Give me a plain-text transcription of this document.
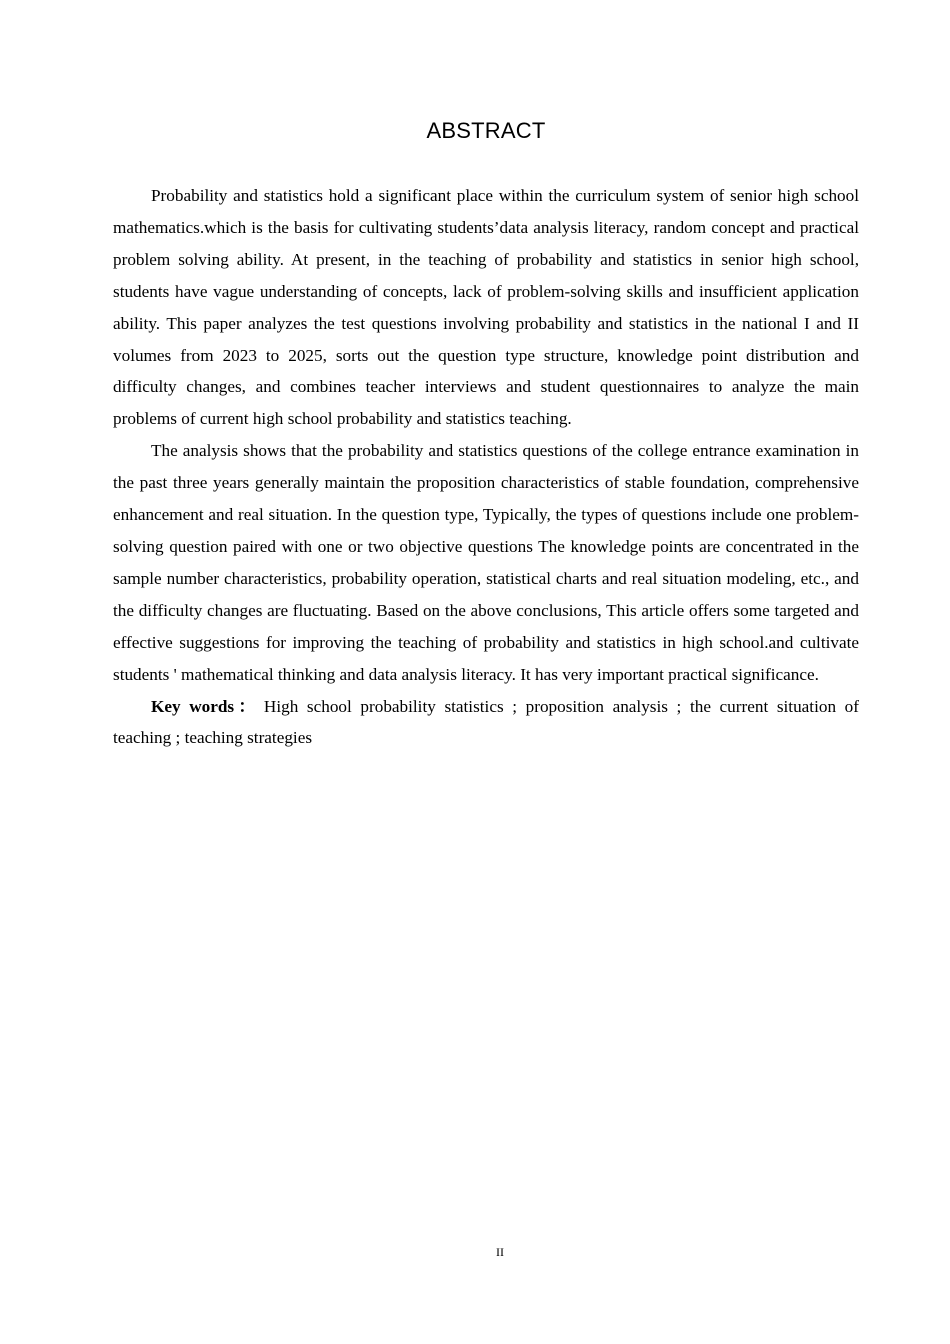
ABSTRACT

Probability and statistics hold a significant place within the curriculum system of senior high school mathematics.which is the basis for cultivating students’data analysis literacy, random concept and practical problem solving ability. At present, in the teaching of probability and statistics in senior high school, students have vague understanding of concepts, lack of problem-solving skills and insufficient application ability. This paper analyzes the test questions involving probability and statistics in the national I and II volumes from 2023 to 2025, sorts out the question type structure, knowledge point distribution and difficulty changes, and combines teacher interviews and student questionnaires to analyze the main problems of current high school probability and statistics teaching.

The analysis shows that the probability and statistics questions of the college entrance examination in the past three years generally maintain the proposition characteristics of stable foundation, comprehensive enhancement and real situation. In the question type, Typically, the types of questions include one problem-solving question paired with one or two objective questions The knowledge points are concentrated in the sample number characteristics, probability operation, statistical charts and real situation modeling, etc., and the difficulty changes are fluctuating. Based on the above conclusions, This article offers some targeted and effective suggestions for improving the teaching of probability and statistics in high school.and cultivate students ' mathematical thinking and data analysis literacy. It has very important practical significance.

Key words： High school probability statistics ; proposition analysis ; the current situation of teaching ; teaching strategies

II
